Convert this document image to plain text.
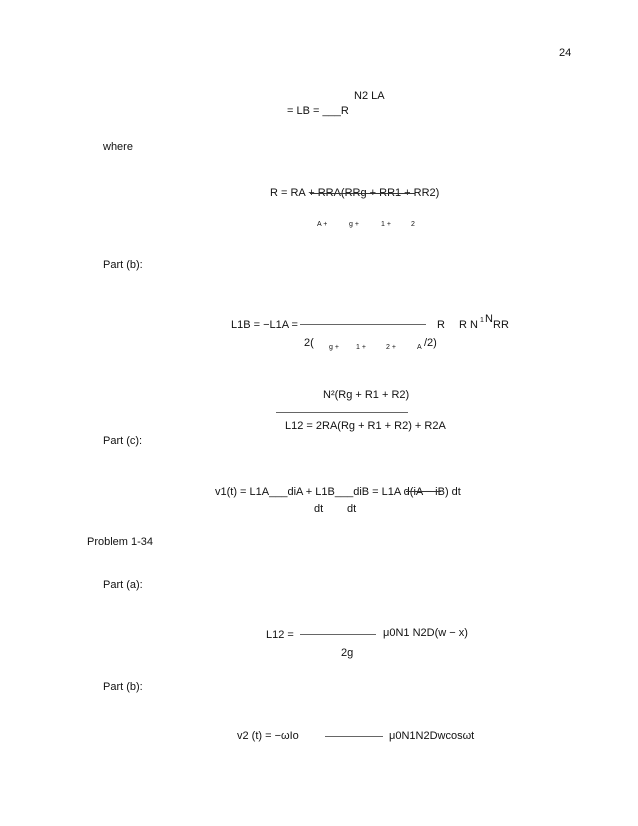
24
N2 LA
= LB = ___R
where
R = RA + RRA(RRg + RR1 + RR2)
A +	g +	1 +	2
Part (b):
L1B = −L1A =	R R N 1 N RR
2( g + 1 +	2 +	A /2)
N²(Rg + R1 + R2)
L12 = 2RA(Rg + R1 + R2) + R2A
Part (c):
v1(t) = L1A___diA + L1B___diB = L1A d(iA − iB) dt
dt dt
Problem 1-34
Part (a):
L12 =	μ0N1 N2D(w − x)
2g
Part (b):
v2 (t) = −ωIo	μ0N1N2Dwcosωt
